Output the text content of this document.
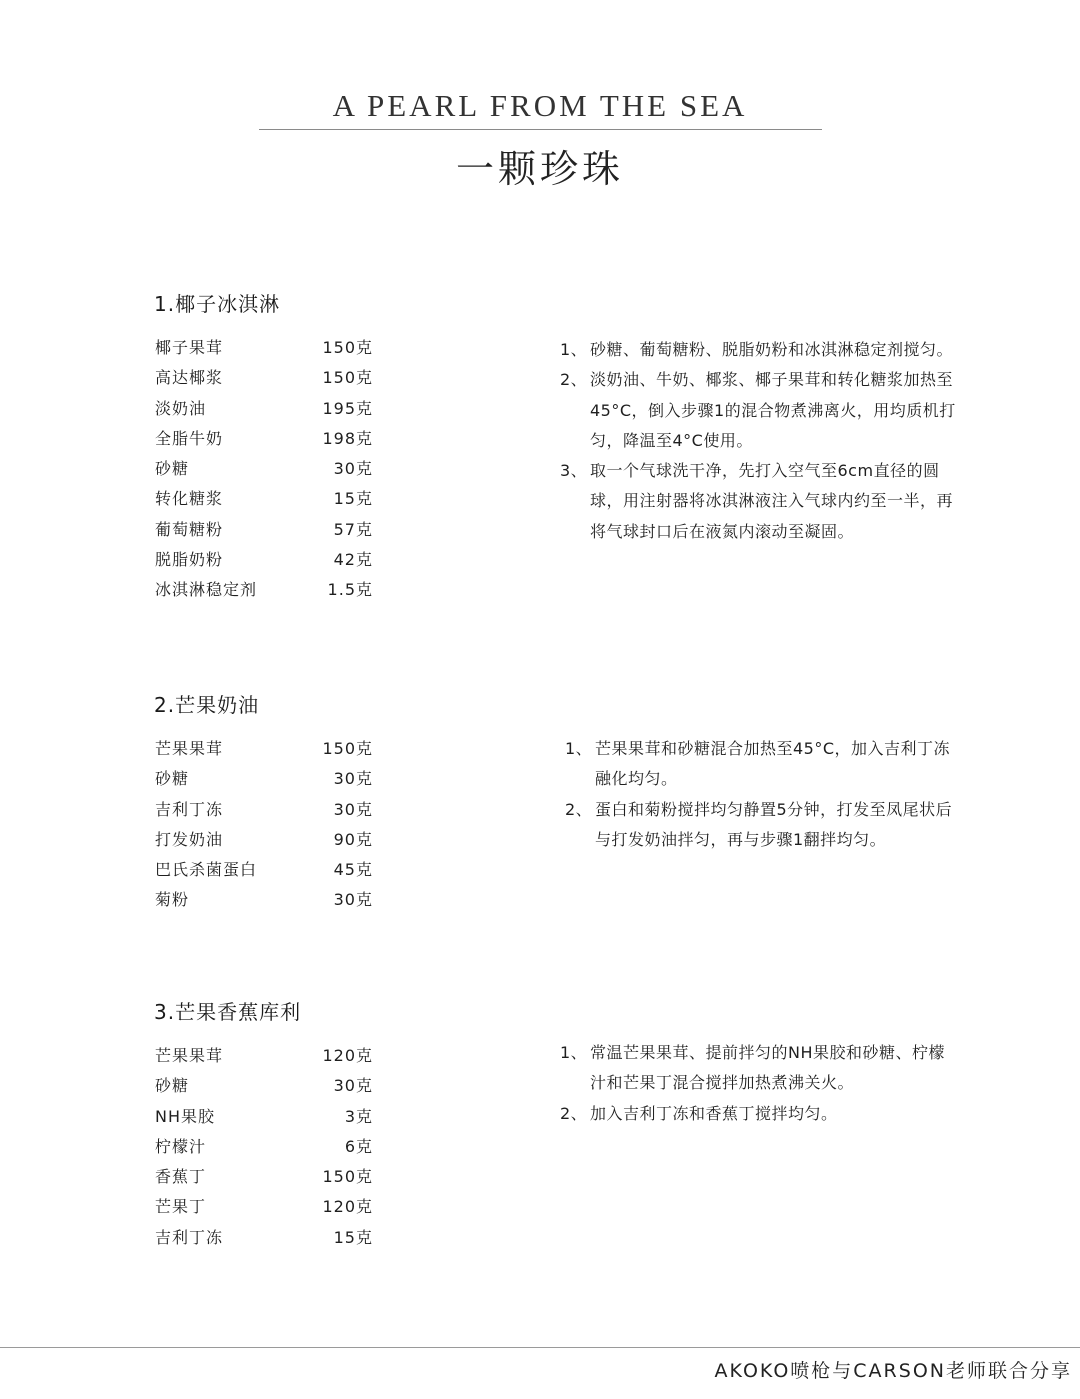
A PEARL FROM THE SEA
一颗珍珠
1.椰子冰淇淋
椰子果茸	150克
高达椰浆	150克
淡奶油	195克
全脂牛奶	198克
砂糖	30克
转化糖浆	15克
葡萄糖粉	57克
脱脂奶粉	42克
冰淇淋稳定剂	1.5克
1、 砂糖、葡萄糖粉、脱脂奶粉和冰淇淋稳定剂搅匀。
2、 淡奶油、牛奶、椰浆、椰子果茸和转化糖浆加热至45°C，倒入步骤1的混合物煮沸离火，用均质机打匀，降温至4°C使用。
3、 取一个气球洗干净，先打入空气至6cm直径的圆球，用注射器将冰淇淋液注入气球内约至一半，再将气球封口后在液氮内滚动至凝固。
2.芒果奶油
芒果果茸	150克
砂糖	30克
吉利丁冻	30克
打发奶油	90克
巴氏杀菌蛋白	45克
菊粉	30克
1、 芒果果茸和砂糖混合加热至45°C，加入吉利丁冻融化均匀。
2、 蛋白和菊粉搅拌均匀静置5分钟，打发至凤尾状后与打发奶油拌匀，再与步骤1翻拌均匀。
3.芒果香蕉库利
芒果果茸	120克
砂糖	30克
NH果胶	3克
柠檬汁	6克
香蕉丁	150克
芒果丁	120克
吉利丁冻	15克
1、 常温芒果果茸、提前拌匀的NH果胶和砂糖、柠檬汁和芒果丁混合搅拌加热煮沸关火。
2、 加入吉利丁冻和香蕉丁搅拌均匀。
AKOKO喷枪与CARSON老师联合分享
